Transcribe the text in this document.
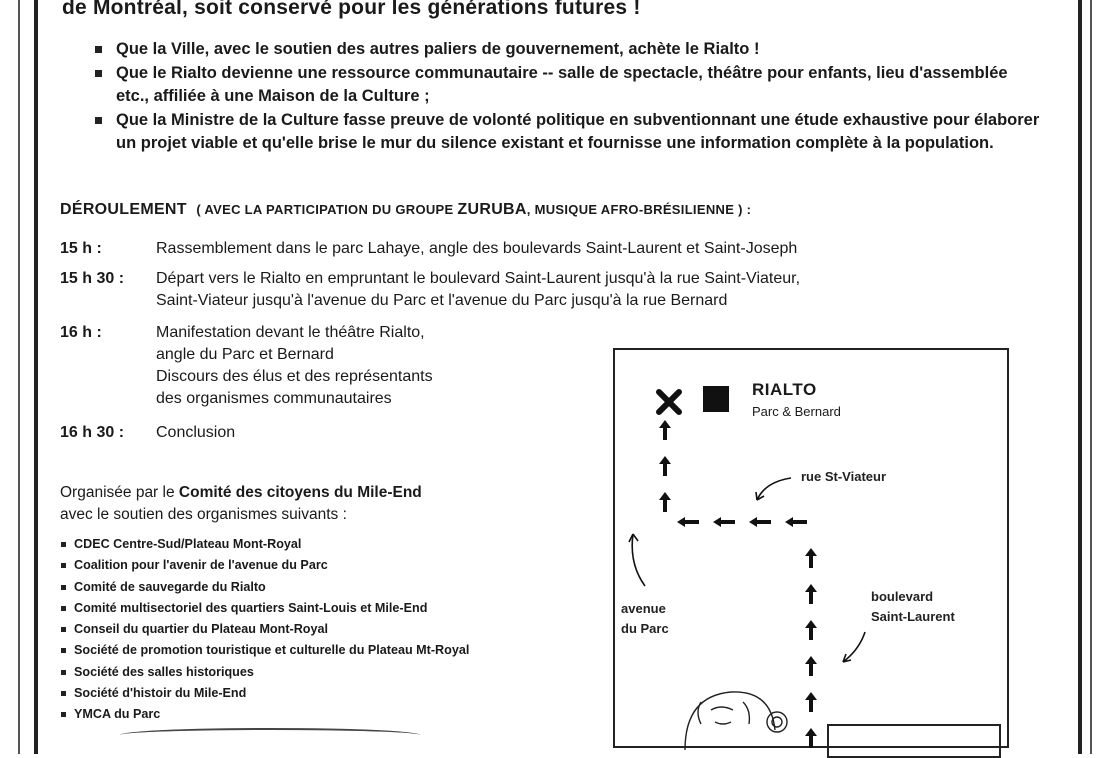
de Montréal, soit conservé pour les générations futures !
Que la Ville, avec le soutien des autres paliers de gouvernement, achète le Rialto !
Que le Rialto devienne une ressource communautaire -- salle de spectacle, théâtre pour enfants, lieu d'assemblée etc., affiliée à une Maison de la Culture ;
Que la Ministre de la Culture fasse preuve de volonté politique en subventionnant une étude exhaustive pour élaborer un projet viable et qu'elle brise le mur du silence existant et fournisse une information complète à la population.
DÉROULEMENT ( AVEC LA PARTICIPATION DU GROUPE ZURUBA, MUSIQUE AFRO-BRÉSILIENNE ) :
15 h :	Rassemblement dans le parc Lahaye, angle des boulevards Saint-Laurent et Saint-Joseph
15 h 30 :	Départ vers le Rialto en empruntant le boulevard Saint-Laurent jusqu'à la rue Saint-Viateur,
Saint-Viateur jusqu'à l'avenue du Parc et l'avenue du Parc jusqu'à la rue Bernard
16 h :	Manifestation devant le théâtre Rialto,
angle du Parc et Bernard
Discours des élus et des représentants
des organismes communautaires
16 h 30 :	Conclusion
Organisée par le Comité des citoyens du Mile-End
avec le soutien des organismes suivants :
CDEC Centre-Sud/Plateau Mont-Royal
Coalition pour l'avenir de l'avenue du Parc
Comité de sauvegarde du Rialto
Comité multisectoriel des quartiers Saint-Louis et Mile-End
Conseil du quartier du Plateau Mont-Royal
Société de promotion touristique et culturelle du Plateau Mt-Royal
Société des salles historiques
Société d'histoir du Mile-End
YMCA du Parc
RIALTO
Parc & Bernard
rue St-Viateur
boulevard
Saint-Laurent
avenue
du Parc
